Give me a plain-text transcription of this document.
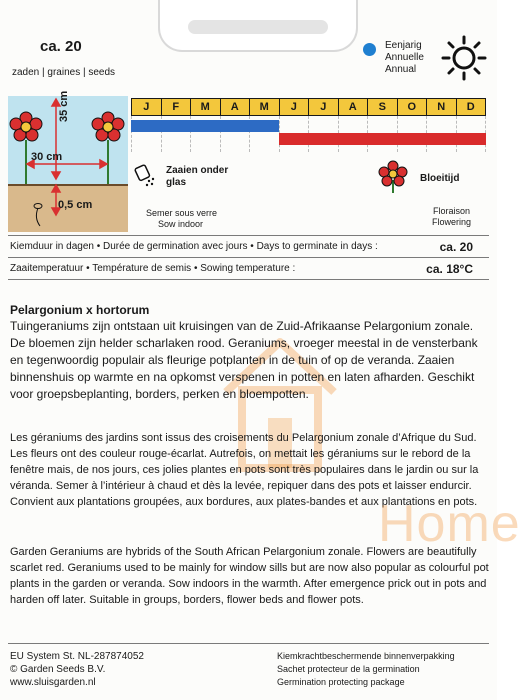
ca. 20
zaden | graines | seeds
Eenjarig
Annuelle
Annual
35 cm
30 cm
0,5 cm
J	F	M	A	M	J	J	A	S	O	N	D
Zaaien onder glas
Semer sous verre
Sow indoor
Bloeitijd
Floraison
Flowering
Kiemduur in dagen • Durée de germination avec jours • Days to germinate in days :	ca. 20
Zaaitemperatuur • Température de semis • Sowing temperature :	ca. 18°C
Pelargonium x hortorum
Tuingeraniums zijn ontstaan uit kruisingen van de Zuid-Afrikaanse Pelargonium zonale. De bloemen zijn helder scharlaken rood. Geraniums, vroeger meestal in de vensterbank en tegenwoordig populair als fleurige potplanten in de tuin of op de veranda. Zaaien binnenshuis op warmte en na opkomst verspenen in potten en laten afharden. Geschikt voor groepsbeplanting, borders, perken en bloempotten.
Les géraniums des jardins sont issus des croisements du Pelargonium zonale d’Afrique du Sud. Les fleurs ont des couleur rouge-écarlat. Autrefois, on mettait les géraniums sur le rebord de la fenêtre mais, de nos jours, ces jolies plantes en pots sont très populaires dans le jardin ou sur la véranda. Semer à l’intérieur à chaud et dès la levée, repiquer dans des pots et laisser endurcir. Convient aux plantations groupées, aux bordures, aux plates-bandes et aux plantations en pots.
Garden Geraniums are hybrids of the South African Pelargonium zonale. Flowers are beautifully scarlet red. Geraniums used to be mainly for window sills but are now also popular as colourful pot plants in the garden or veranda. Sow indoors in the warmth. After emergence prick out in pots and harden off later. Suitable in groups, borders, flower beds and flower pots.
Home
EU System St. NL-287874052
© Garden Seeds B.V.
www.sluisgarden.nl
Kiemkrachtbeschermende binnenverpakking
Sachet protecteur de la germination
Germination protecting package
